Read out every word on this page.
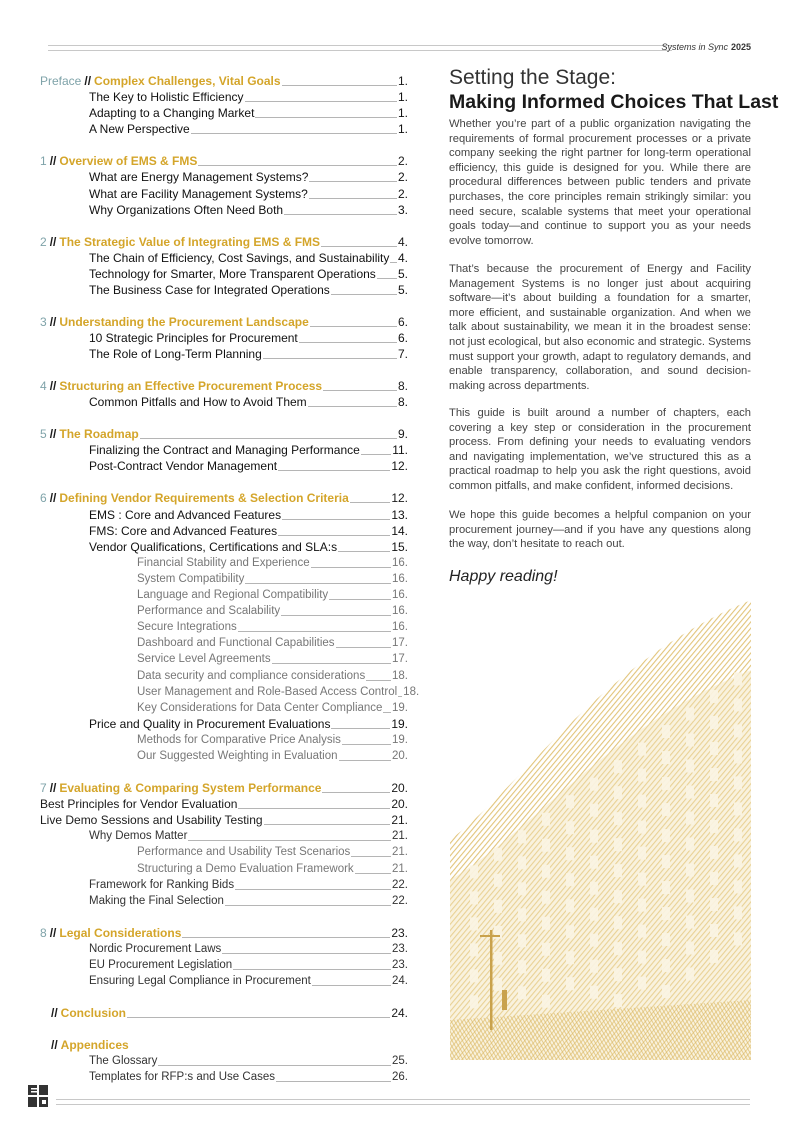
Systems in Sync 2025
Preface // Complex Challenges, Vital Goals	1.
The Key to Holistic Efficiency	1.
Adapting to a Changing Market	1.
A New Perspective	1.
1 // Overview of EMS & FMS	2.
What are Energy Management Systems?	2.
What are Facility Management Systems?	2.
Why Organizations Often Need Both	3.
2 // The Strategic Value of Integrating EMS & FMS	4.
The Chain of Efficiency, Cost Savings, and Sustainability 4.
Technology for Smarter, More Transparent Operations 5.
The Business Case for Integrated Operations	5.
3 // Understanding the Procurement Landscape	6.
10 Strategic Principles for Procurement	6.
The Role of Long-Term Planning	7.
4 // Structuring an Effective Procurement Process	8.
Common Pitfalls and How to Avoid Them	8.
5 // The Roadmap	9.
Finalizing the Contract and Managing Performance	11.
Post-Contract Vendor Management	12.
6 // Defining Vendor Requirements & Selection Criteria	12.
EMS : Core and Advanced Features	13.
FMS: Core and Advanced Features	14.
Vendor Qualifications, Certifications and SLA:s	15.
Financial Stability and Experience	16.
System Compatibility	16.
Language and Regional Compatibility	16.
Performance and Scalability	16.
Secure Integrations	16.
Dashboard and Functional Capabilities	17.
Service Level Agreements	17.
Data security and compliance considerations 18.
User Management and Role-Based Access Control 18.
Key Considerations for Data Center Compliance 19.
Price and Quality in Procurement Evaluations	19.
Methods for Comparative Price Analysis	19.
Our Suggested Weighting in Evaluation	20.
7 // Evaluating & Comparing System Performance	20.
Best Principles for Vendor Evaluation	20.
Live Demo Sessions and Usability Testing	21.
Why Demos Matter	21.
Performance and Usability Test Scenarios	21.
Structuring a Demo Evaluation Framework	21.
Framework for Ranking Bids	22.
Making the Final Selection	22.
8 // Legal Considerations	23.
Nordic Procurement Laws	23.
EU Procurement Legislation	23.
Ensuring Legal Compliance in Procurement	24.
// Conclusion	24.
// Appendices
The Glossary	25.
Templates for RFP:s and Use Cases	26.
Setting the Stage:
Making Informed Choices That Last

Whether you’re part of a public organization navigating the requirements of formal procurement processes or a private company seeking the right partner for long-term operational efficiency, this guide is designed for you. While there are procedural differences between public tenders and private purchases, the core principles remain strikingly similar: you need secure, scalable systems that meet your operational goals today—and continue to support you as your needs evolve tomorrow.

That’s because the procurement of Energy and Facility Management Systems is no longer just about acquiring software—it’s about building a foundation for a smarter, more efficient, and sustainable organization. And when we talk about sustainability, we mean it in the broadest sense: not just ecological, but also economic and strategic. Systems must support your growth, adapt to regulatory demands, and enable transparency, collaboration, and sound decision-making across departments.

This guide is built around a number of chapters, each covering a key step or consideration in the procurement process. From defining your needs to evaluating vendors and navigating implementation, we’ve structured this as a practical roadmap to help you ask the right questions, avoid common pitfalls, and make confident, informed decisions.

We hope this guide becomes a helpful companion on your procurement journey—and if you have any questions along the way, don’t hesitate to reach out.

Happy reading!
